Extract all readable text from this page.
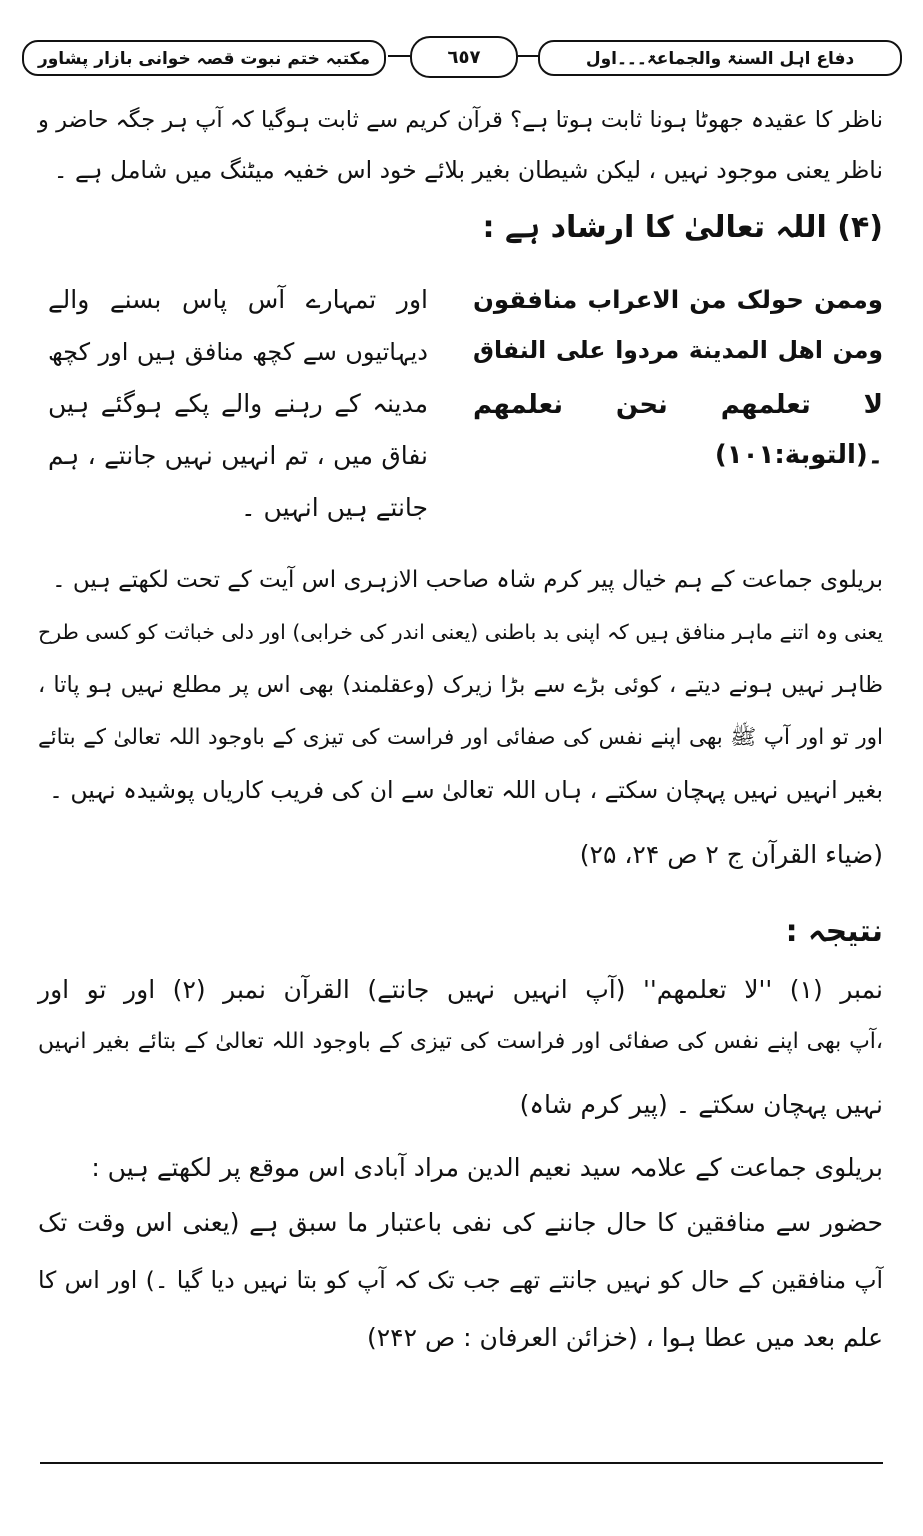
دفاع اہل السنۃ والجماعۃ۔۔۔اول
٦٥٧
مکتبہ ختم نبوت قصہ خوانی بازار پشاور
ناظر کا عقیدہ جھوٹا ہونا ثابت ہوتا ہے؟ قرآن کریم سے ثابت ہوگیا کہ آپ ہر جگہ حاضر و
ناظر یعنی موجود نہیں ، لیکن شیطان بغیر بلائے خود اس خفیہ میٹنگ میں شامل ہے ۔
(۴) اللہ تعالیٰ کا ارشاد ہے :
وممن حولک من الاعراب منافقون
ومن اهل المدينة مردوا علی النفاق
لا تعلمهم نحن نعلمهم
۔(التوبة:١٠١)
اور تمہارے آس پاس بسنے والے
دیہاتیوں سے کچھ منافق ہیں اور کچھ
مدینہ کے رہنے والے پکے ہوگئے ہیں
نفاق میں ، تم انہیں نہیں جانتے ، ہم
جانتے ہیں انہیں ۔
بریلوی جماعت کے ہم خیال پیر کرم شاہ صاحب الازہری اس آیت کے تحت لکھتے ہیں ۔
یعنی وہ اتنے ماہر منافق ہیں کہ اپنی بد باطنی (یعنی اندر کی خرابی) اور دلی خباثت کو کسی طرح
ظاہر نہیں ہونے دیتے ، کوئی بڑے سے بڑا زیرک (وعقلمند) بھی اس پر مطلع نہیں ہو پاتا ،
اور تو اور آپ ﷺ بھی اپنے نفس کی صفائی اور فراست کی تیزی کے باوجود اللہ تعالیٰ کے بتائے
بغیر انہیں نہیں پہچان سکتے ، ہاں اللہ تعالیٰ سے ان کی فریب کاریاں پوشیدہ نہیں ۔
(ضیاء القرآن ج ۲ ص ۲۴، ۲۵)
نتیجہ :
نمبر (۱) ''لا تعلمهم'' (آپ انہیں نہیں جانتے) القرآن نمبر (۲) اور تو اور
،آپ بھی اپنے نفس کی صفائی اور فراست کی تیزی کے باوجود اللہ تعالیٰ کے بتائے بغیر انہیں
نہیں پہچان سکتے ۔ (پیر کرم شاہ)
بریلوی جماعت کے علامہ سید نعیم الدین مراد آبادی اس موقع پر لکھتے ہیں :
حضور سے منافقین کا حال جاننے کی نفی باعتبار ما سبق ہے (یعنی اس وقت تک
آپ منافقین کے حال کو نہیں جانتے تھے جب تک کہ آپ کو بتا نہیں دیا گیا ۔) اور اس کا
علم بعد میں عطا ہوا ، (خزائن العرفان : ص ۲۴۲)
